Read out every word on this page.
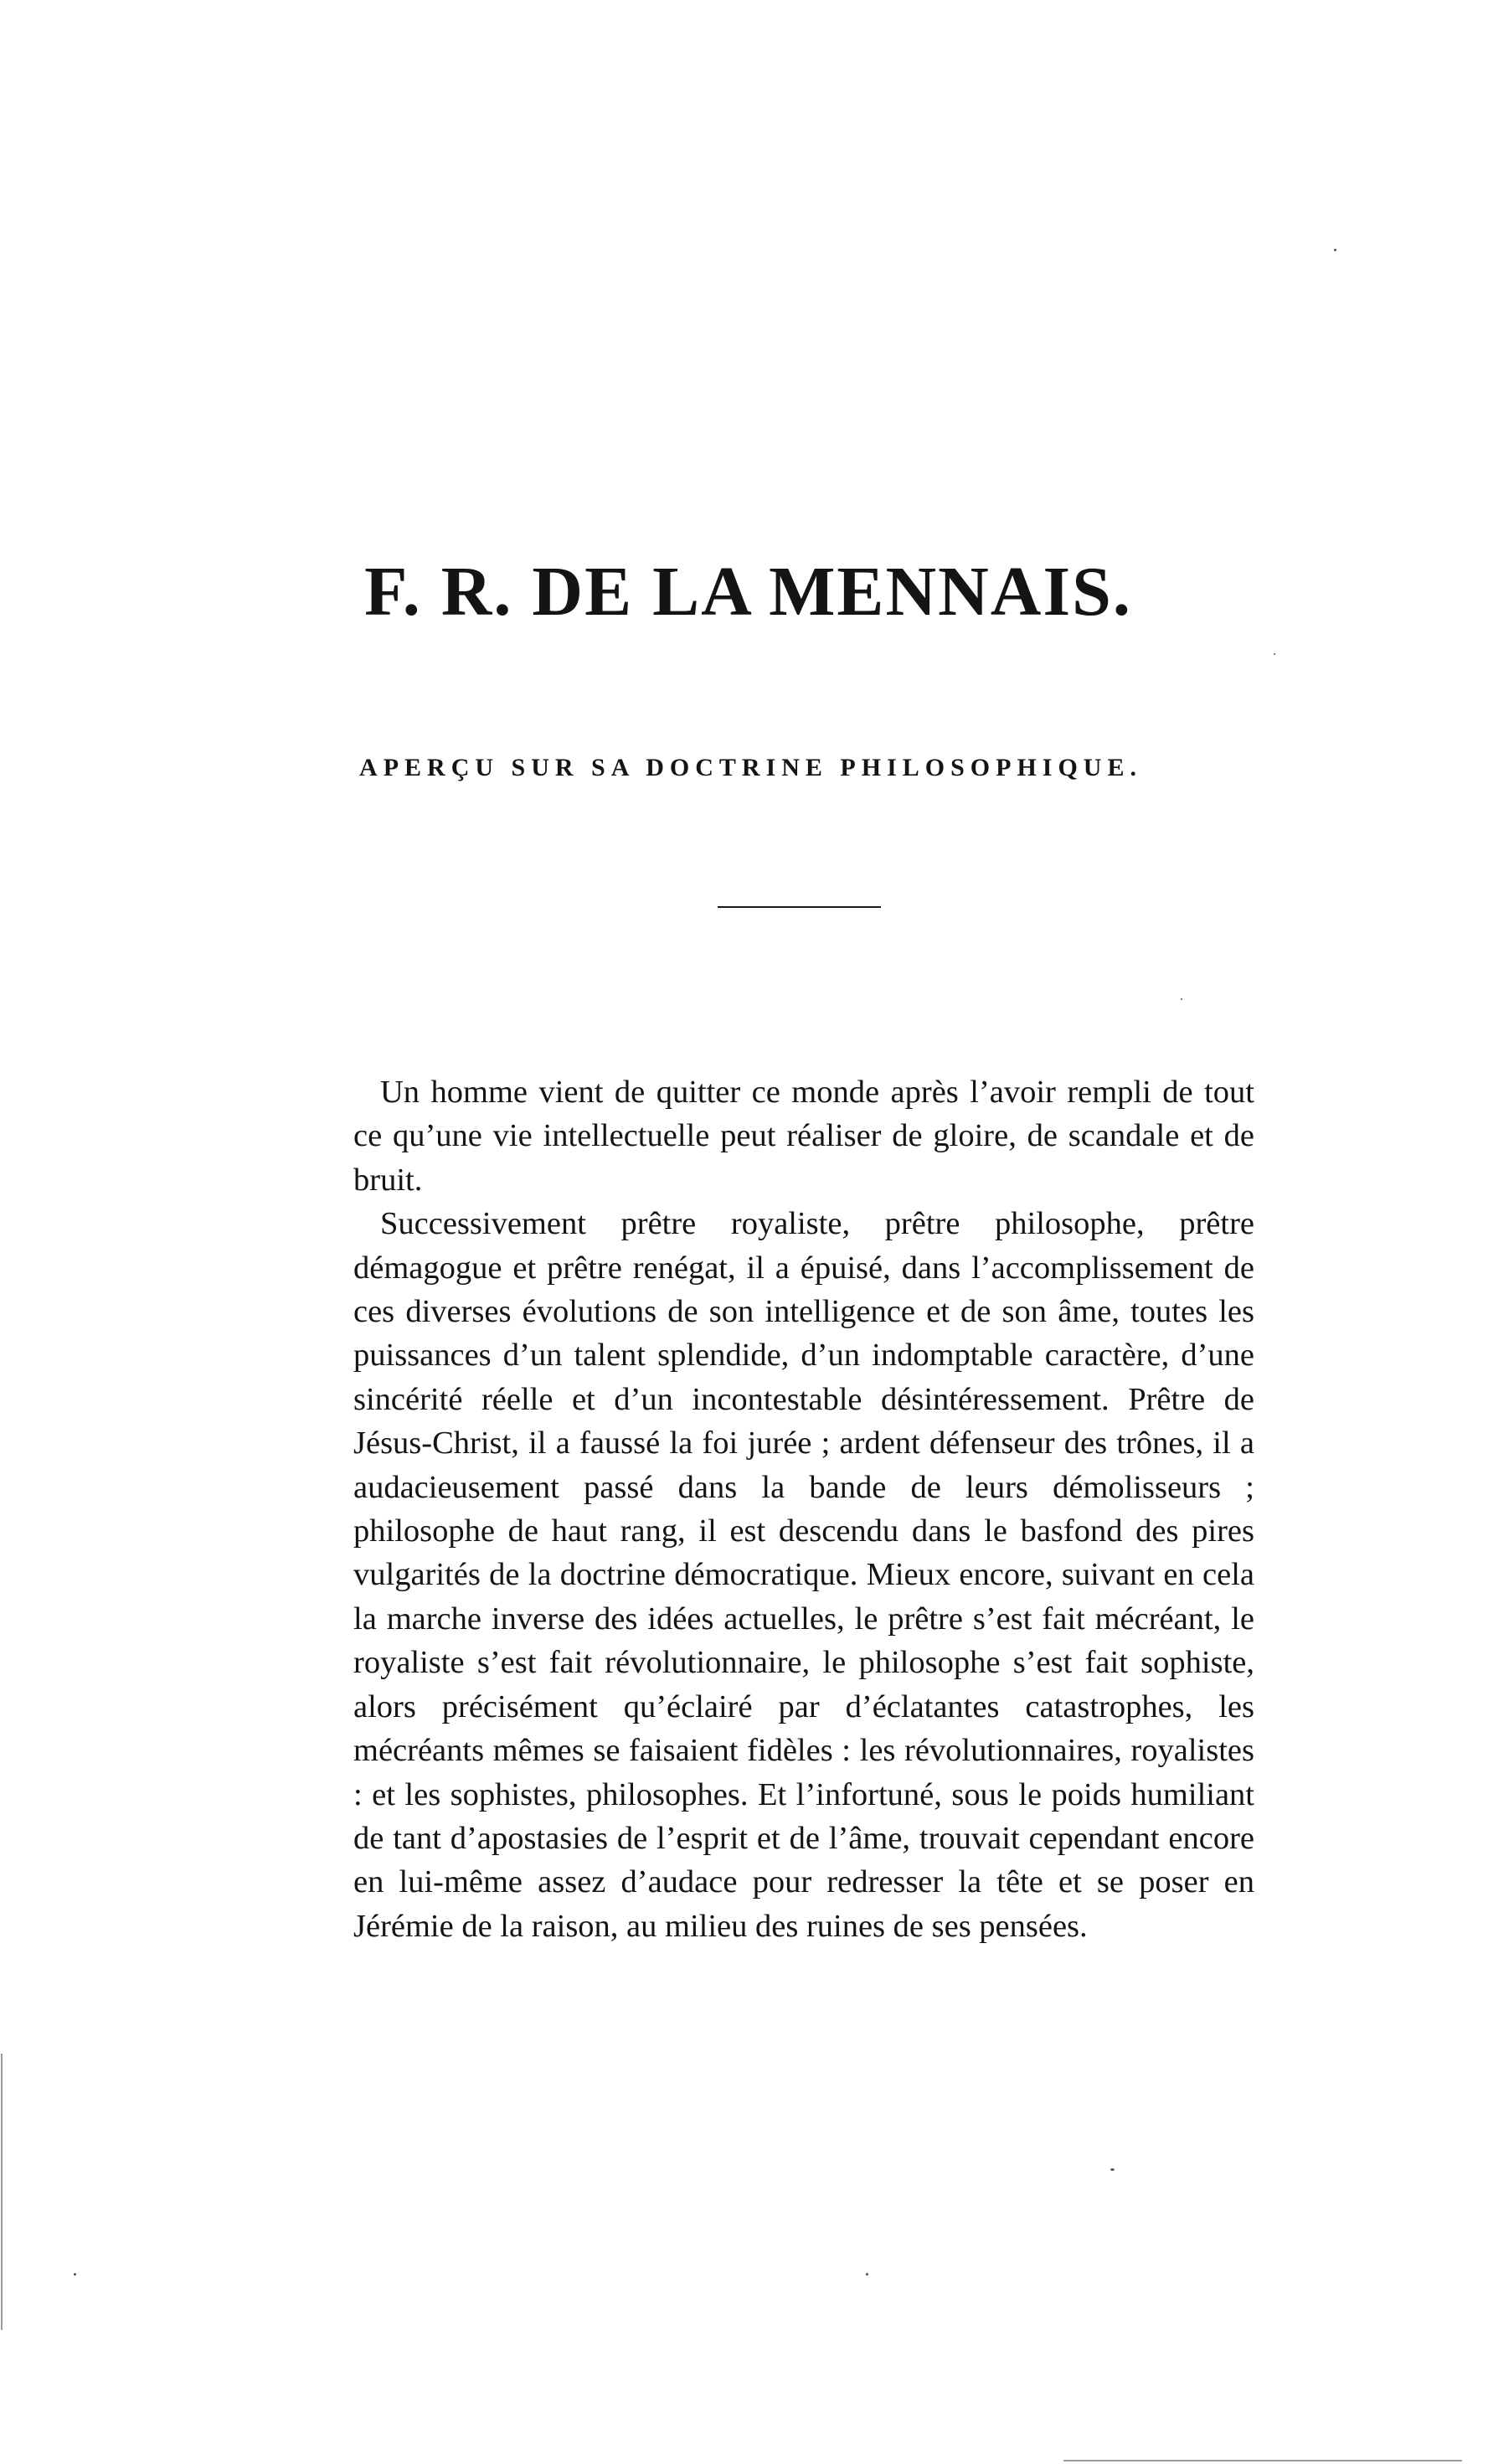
F. R. DE LA MENNAIS.
APERÇU SUR SA DOCTRINE PHILOSOPHIQUE.

Un homme vient de quitter ce monde après l’avoir rempli de tout ce qu’une vie intellectuelle peut réaliser de gloire, de scandale et de bruit.

Successivement prêtre royaliste, prêtre philosophe, prêtre démagogue et prêtre renégat, il a épuisé, dans l’accomplissement de ces diverses évolutions de son intelligence et de son âme, toutes les puissances d’un talent splendide, d’un indomptable caractère, d’une sincérité réelle et d’un incontestable désintéressement. Prêtre de Jésus-Christ, il a faussé la foi jurée ; ardent défenseur des trônes, il a audacieusement passé dans la bande de leurs démolisseurs ; philosophe de haut rang, il est descendu dans le basfond des pires vulgarités de la doctrine démocratique. Mieux encore, suivant en cela la marche inverse des idées actuelles, le prêtre s’est fait mécréant, le royaliste s’est fait révolutionnaire, le philosophe s’est fait sophiste, alors précisément qu’éclairé par d’éclatantes catastrophes, les mécréants mêmes se faisaient fidèles : les révolutionnaires, royalistes : et les sophistes, philosophes. Et l’infortuné, sous le poids humiliant de tant d’apostasies de l’esprit et de l’âme, trouvait cependant encore en lui-même assez d’audace pour redresser la tête et se poser en Jérémie de la raison, au milieu des ruines de ses pensées.
